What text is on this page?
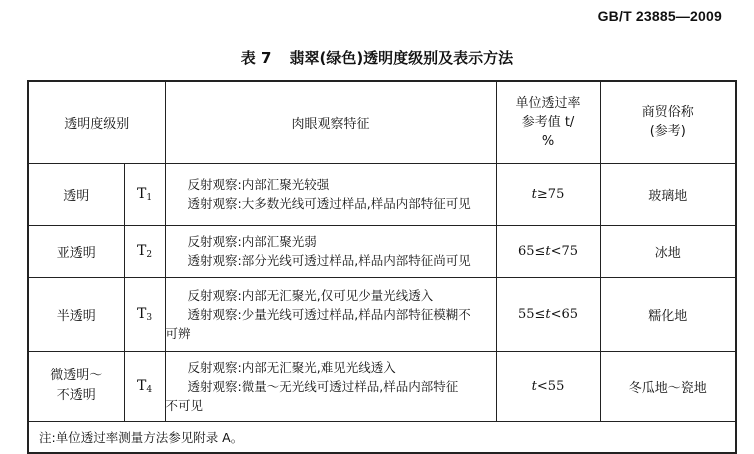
GB/T 23885—2009
表 7 翡翠(绿色)透明度级别及表示方法
透明度级别		肉眼观察特征	单位透过率
参考值 t/
%	商贸俗称
(参考)

透明	$T_1$	反射观察:内部汇聚光较强
透射观察:大多数光线可透过样品,样品内部特征可见	t≥75	玻璃地
亚透明	$T_2$	反射观察:内部汇聚光弱
透射观察:部分光线可透过样品,样品内部特征尚可见	65≤t<75	冰地
半透明	$T_3$	反射观察:内部无汇聚光,仅可见少量光线透入
透射观察:少量光线可透过样品,样品内部特征模糊不
可辨	55≤t<65	糯化地

微透明～
不透明	$T_4$	反射观察:内部无汇聚光,难见光线透入
透射观察:微量～无光线可透过样品,样品内部特征
不可见	t<55	冬瓜地～瓷地
注:单位透过率测量方法参见附录 A。				
